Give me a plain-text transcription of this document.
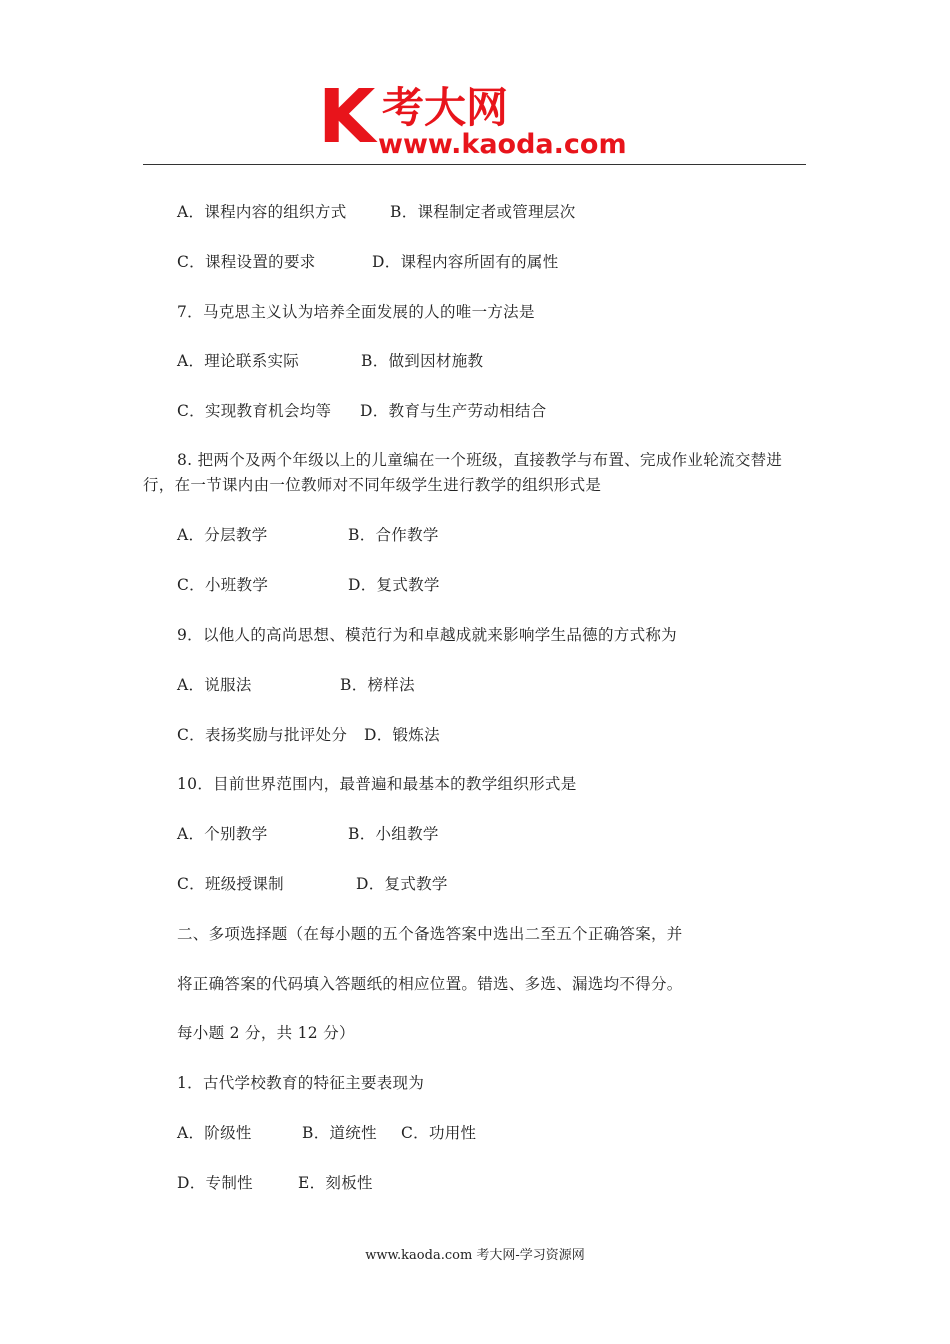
K 考大网
www.kaoda.com
A．课程内容的组织方式	B．课程制定者或管理层次
C．课程设置的要求	D．课程内容所固有的属性
7．马克思主义认为培养全面发展的人的唯一方法是
A．理论联系实际	B．做到因材施教
C．实现教育机会均等 D．教育与生产劳动相结合
8. 把两个及两个年级以上的儿童编在一个班级，直接教学与布置、完成作业轮流交替进行，在一节课内由一位教师对不同年级学生进行教学的组织形式是
A．分层教学	B．合作教学
C．小班教学	D．复式教学
9．以他人的高尚思想、模范行为和卓越成就来影响学生品德的方式称为
A．说服法	B．榜样法
C．表扬奖励与批评处分 D．锻炼法
10．目前世界范围内，最普遍和最基本的教学组织形式是
A．个别教学	B．小组教学
C．班级授课制	D．复式教学
二、多项选择题（在每小题的五个备选答案中选出二至五个正确答案，并
将正确答案的代码填入答题纸的相应位置。错选、多选、漏选均不得分。
每小题 2 分，共 12 分）
1．古代学校教育的特征主要表现为
A．阶级性	B．道统性 C．功用性
D．专制性	E．刻板性
www.kaoda.com 考大网-学习资源网
